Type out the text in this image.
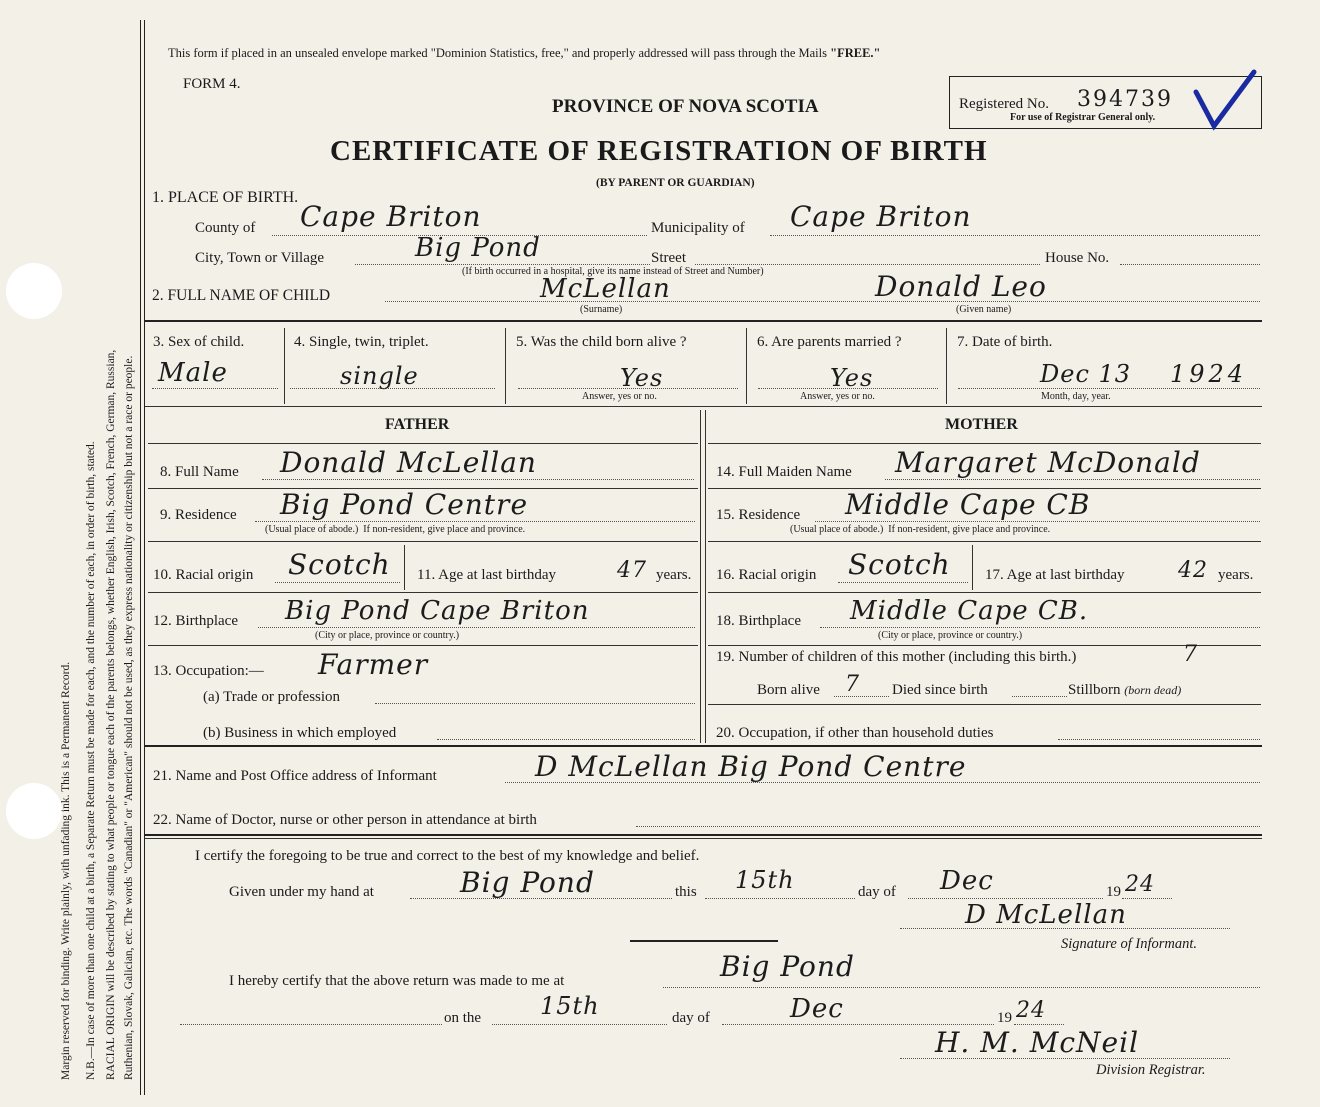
Margin reserved for binding. Write plainly, with unfading ink. This is a Permanent Record. N.B.—In case of more than one child at a birth, a Separate Return must be made for each, and the number of each, in order of birth, stated. RACIAL ORIGIN will be described by stating to what people or tongue each of the parents belongs, whether English, Irish, Scotch, French, German, Russian, Ruthenian, Slovak, Galician, etc. The words "Canadian" or "American" should not be used, as they express nationality or citizenship but not a race or people.
This form if placed in an unsealed envelope marked "Dominion Statistics, free," and properly addressed will pass through the Mails "FREE."
FORM 4.
PROVINCE OF NOVA SCOTIA	Registered No. 394739
For use of Registrar General only.
CERTIFICATE OF REGISTRATION OF BIRTH
(BY PARENT OR GUARDIAN)
1. PLACE OF BIRTH.
County of Cape Briton	Municipality of Cape Briton
City, Town or Village	Big Pond	Street	House No.
(If birth occurred in a hospital, give its name instead of Street and Number)
2. FULL NAME OF CHILD	McLellan	Donald Leo
(Surname)	(Given name)
3. Sex of child.
Male
4. Single, twin, triplet.
single
5. Was the child born alive ?
Yes
Answer, yes or no.
6. Are parents married ?
Yes
Answer, yes or no.
7. Date of birth.
Dec 13 1924
Month, day, year.
FATHER	MOTHER
8. Full Name Donald McLellan
9. Residence Big Pond Centre
(Usual place of abode.) If non-resident, give place and province.
10. Racial origin Scotch 11. Age at last birthday	47 years.
12. Birthplace Big Pond Cape Briton
(City or place, province or country.)
13. Occupation:— Farmer
(a) Trade or profession
(b) Business in which employed
14. Full Maiden Name Margaret McDonald
15. Residence Middle Cape CB
(Usual place of abode.) If non-resident, give place and province.
16. Racial origin Scotch 17. Age at last birthday 42 years.
18. Birthplace Middle Cape CB.
(City or place, province or country.)
19. Number of children of this mother (including this birth.)	7
Born alive 7 Died since birth	Stillborn (born dead)
20. Occupation, if other than household duties
21. Name and Post Office address of Informant	D McLellan Big Pond Centre
22. Name of Doctor, nurse or other person in attendance at birth
I certify the foregoing to be true and correct to the best of my knowledge and belief.
Given under my hand at	Big Pond	this 15th	day of Dec	19 24
D McLellan
Signature of Informant.
I hereby certify that the above return was made to me at	Big Pond
on the 15th	day of	Dec	19 24
H. M. McNeil
Division Registrar.
